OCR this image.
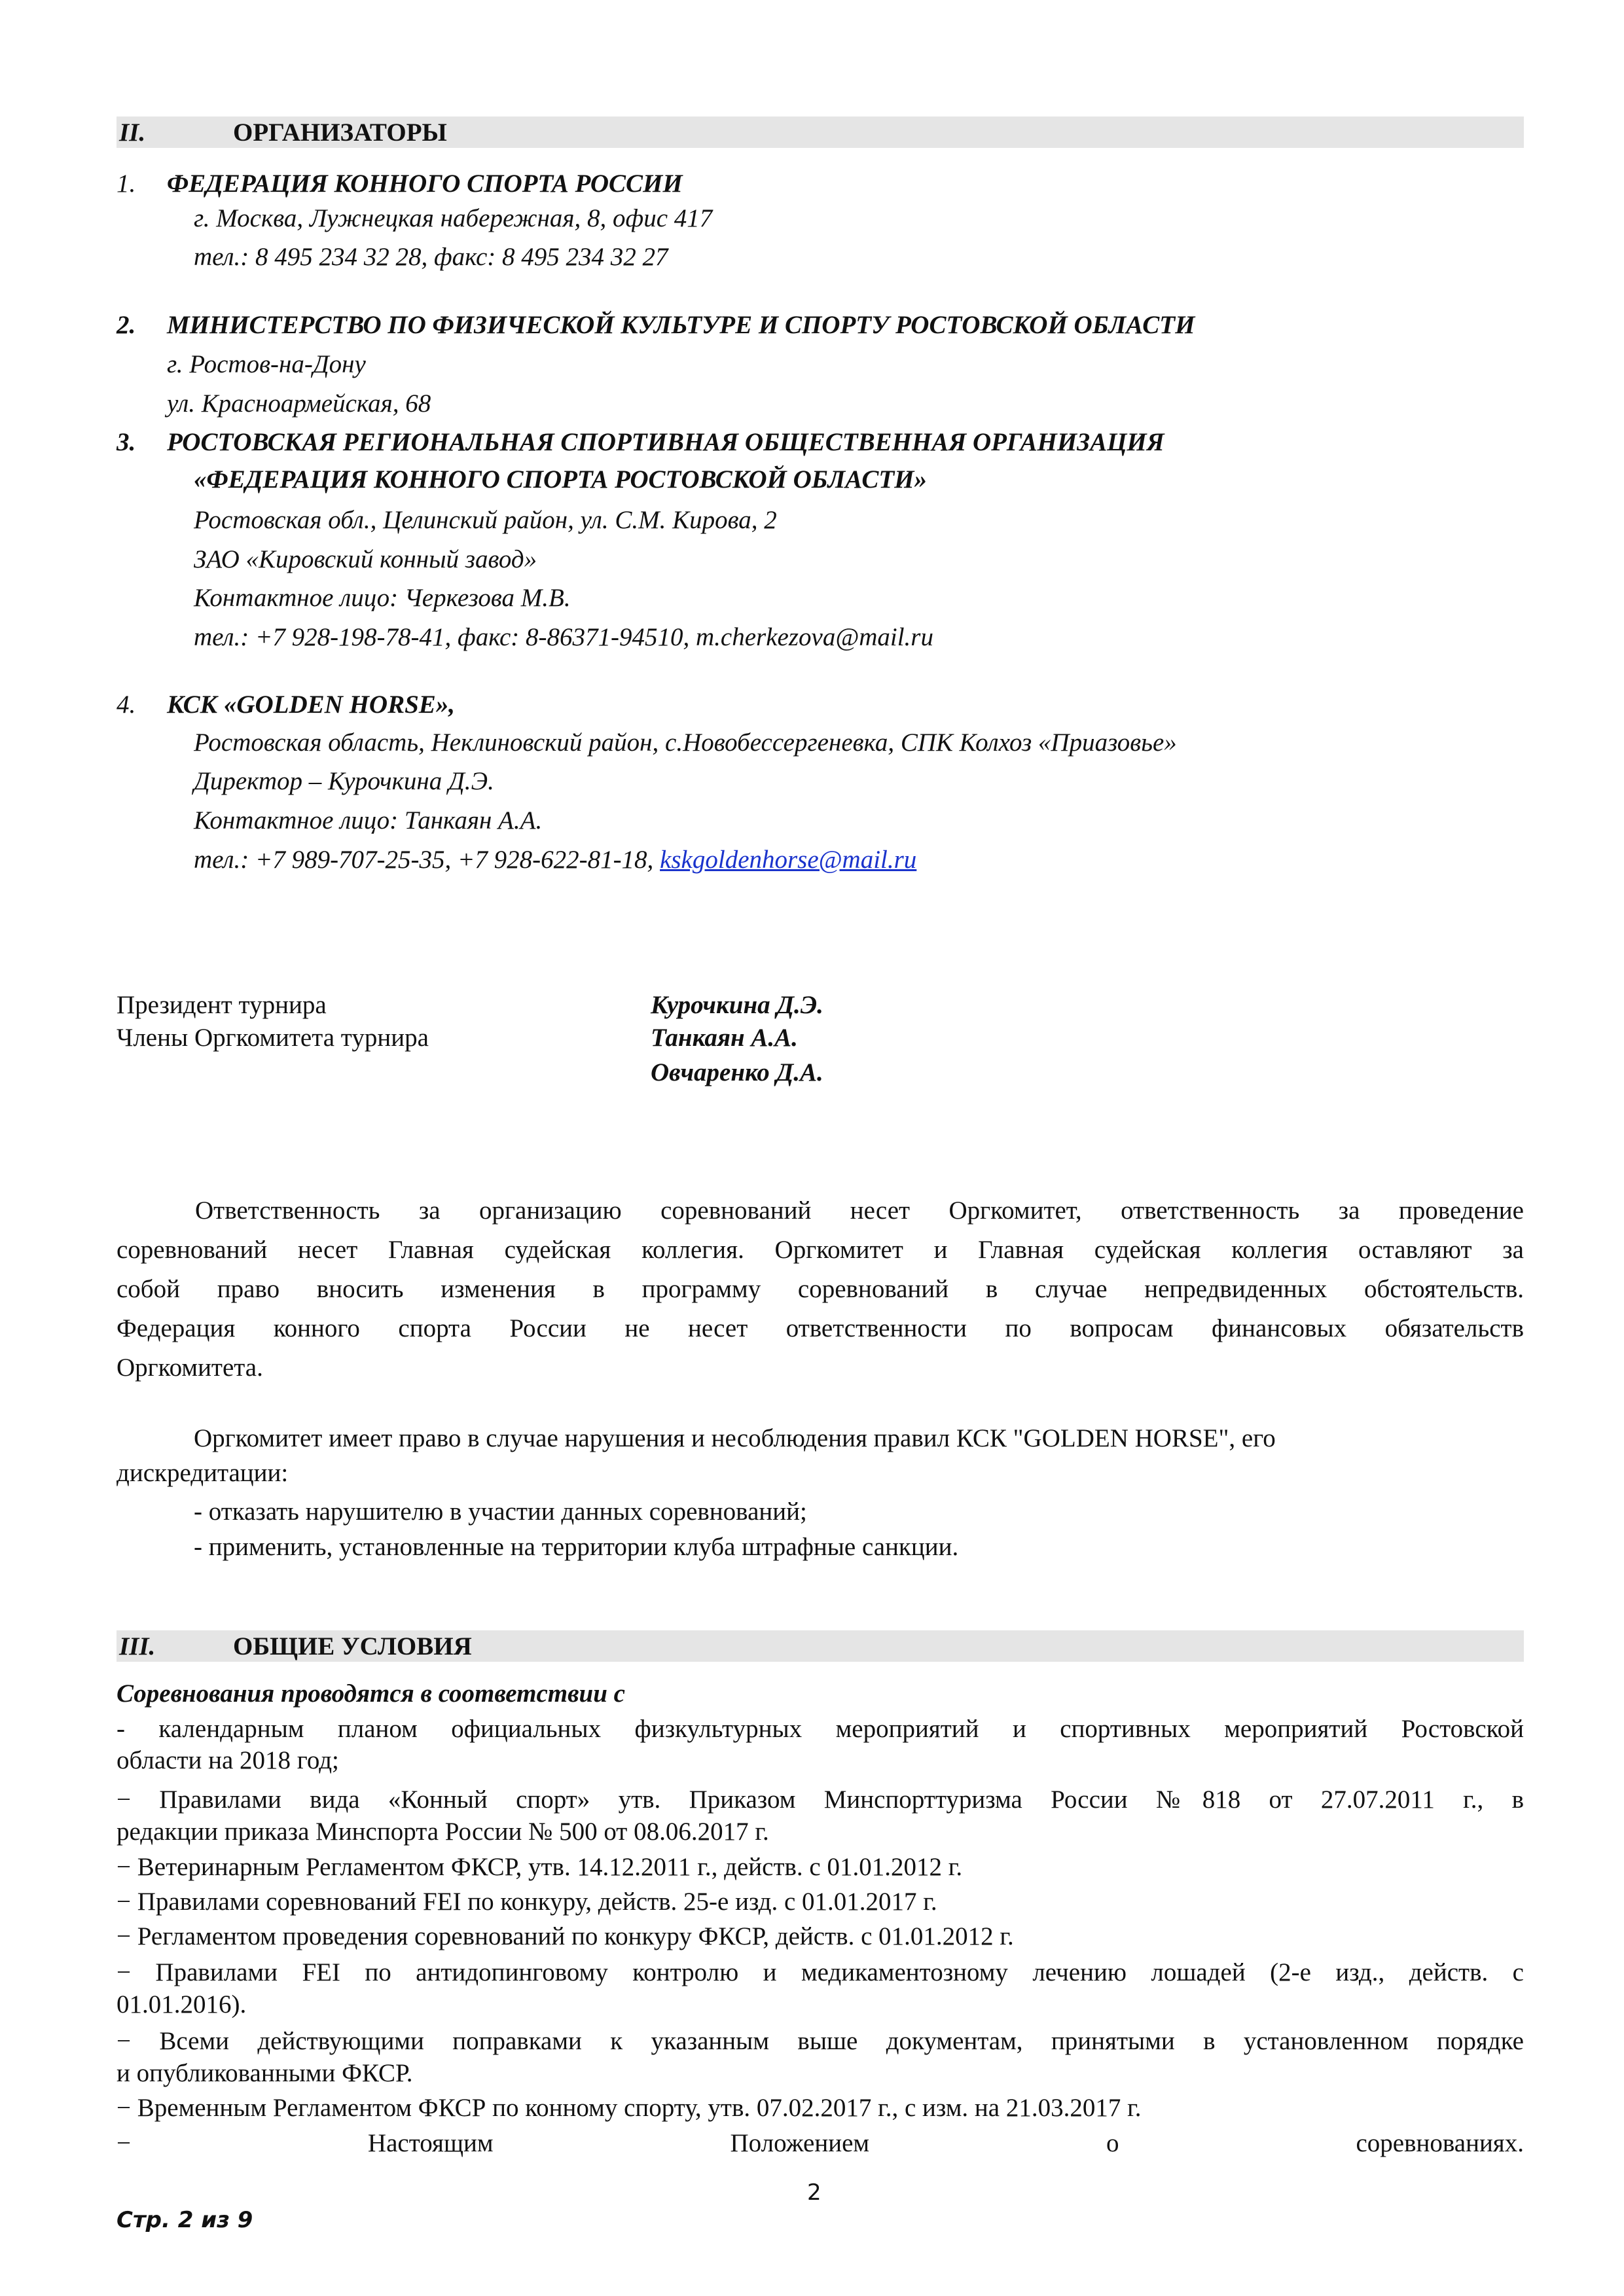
II.	ОРГАНИЗАТОРЫ
1. ФЕДЕРАЦИЯ КОННОГО СПОРТА РОССИИ
г. Москва, Лужнецкая набережная, 8, офис 417
тел.: 8 495 234 32 28, факс: 8 495 234 32 27
2. МИНИСТЕРСТВО ПО ФИЗИЧЕСКОЙ КУЛЬТУРЕ И СПОРТУ РОСТОВСКОЙ ОБЛАСТИ
г. Ростов-на-Дону
ул. Красноармейская, 68
3. РОСТОВСКАЯ РЕГИОНАЛЬНАЯ СПОРТИВНАЯ ОБЩЕСТВЕННАЯ ОРГАНИЗАЦИЯ
«ФЕДЕРАЦИЯ КОННОГО СПОРТА РОСТОВСКОЙ ОБЛАСТИ»
Ростовская обл., Целинский район, ул. С.М. Кирова, 2
ЗАО «Кировский конный завод»
Контактное лицо: Черкезова М.В.
тел.: +7 928-198-78-41, факс: 8-86371-94510, m.cherkezova@mail.ru
4. КСК «GOLDEN HORSE»,
Ростовская область, Неклиновский район, с.Новобессергеневка, СПК Колхоз «Приазовье»
Директор – Курочкина Д.Э.
Контактное лицо: Танкаян А.А.
тел.: +7 989-707-25-35, +7 928-622-81-18, kskgoldenhorse@mail.ru
Президент турнира	Курочкина Д.Э.
Члены Оргкомитета турнира	Танкаян А.А.
Овчаренко Д.А.
Ответственность за организацию соревнований несет Оргкомитет, ответственность за проведение
соревнований несет Главная судейская коллегия. Оргкомитет и Главная судейская коллегия оставляют за
собой право вносить изменения в программу соревнований в случае непредвиденных обстоятельств.
Федерация конного спорта России не несет ответственности по вопросам финансовых обязательств
Оргкомитета.
Оргкомитет имеет право в случае нарушения и несоблюдения правил КСК "GOLDEN HORSE", его
дискредитации:
- отказать нарушителю в участии данных соревнований;
- применить, установленные на территории клуба штрафные санкции.
III.	ОБЩИЕ УСЛОВИЯ
Соревнования проводятся в соответствии с
- календарным планом официальных физкультурных мероприятий и спортивных мероприятий Ростовской
области на 2018 год;
− Правилами вида «Конный спорт» утв. Приказом Минспорттуризма России №818 от 27.07.2011 г., в
редакции приказа Минспорта России № 500 от 08.06.2017 г.
− Ветеринарным Регламентом ФКСР, утв. 14.12.2011 г., действ. с 01.01.2012 г.
− Правилами соревнований FEI по конкуру, действ. 25-е изд. с 01.01.2017 г.
− Регламентом проведения соревнований по конкуру ФКСР, действ. с 01.01.2012 г.
− Правилами FEI по антидопинговому контролю и медикаментозному лечению лошадей (2-е изд., действ. с
01.01.2016).
− Всеми действующими поправками к указанным выше документам, принятыми в установленном порядке
и опубликованными ФКСР.
− Временным Регламентом ФКСР по конному спорту, утв. 07.02.2017 г., с изм. на 21.03.2017 г.
− Настоящим Положением о соревнованиях.
2
Стр. 2 из 9
